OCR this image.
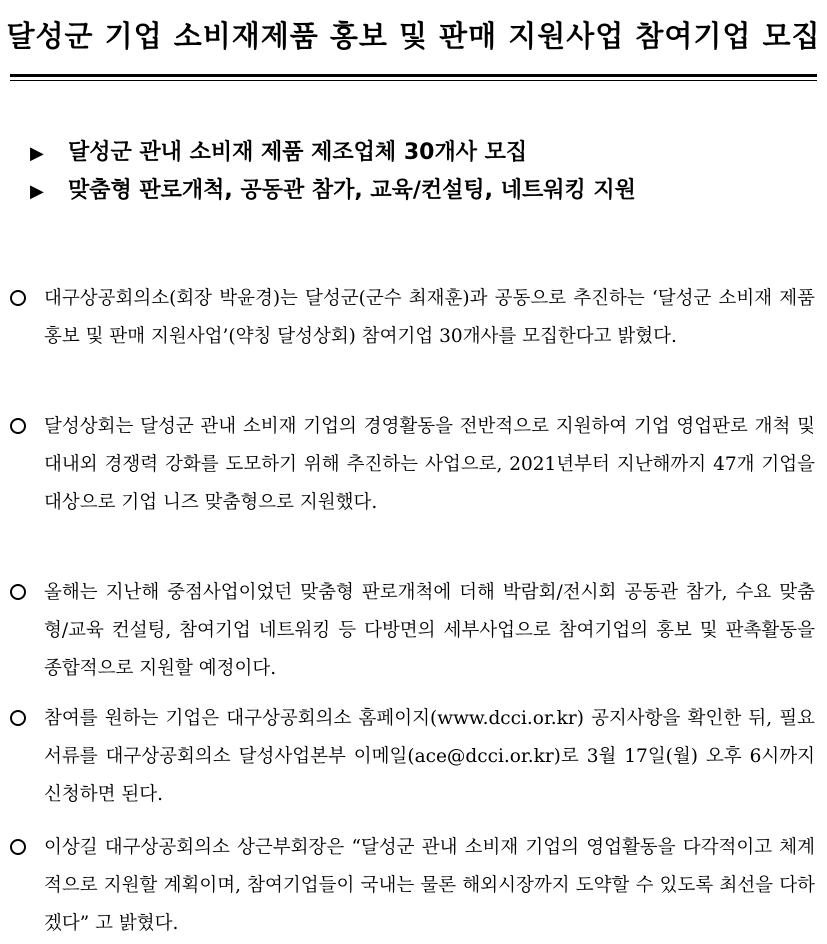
달성군 기업 소비재제품 홍보 및 판매 지원사업 참여기업 모집
▶ 달성군 관내 소비재 제품 제조업체 30개사 모집
▶ 맞춤형 판로개척, 공동관 참가, 교육/컨설팅, 네트워킹 지원
대구상공회의소(회장 박윤경)는 달성군(군수 최재훈)과 공동으로 추진하는 ‘달성군 소비재 제품 홍보 및 판매 지원사업’(약칭 달성상회) 참여기업 30개사를 모집한다고 밝혔다.
달성상회는 달성군 관내 소비재 기업의 경영활동을 전반적으로 지원하여 기업 영업판로 개척 및 대내외 경쟁력 강화를 도모하기 위해 추진하는 사업으로, 2021년부터 지난해까지 47개 기업을 대상으로 기업 니즈 맞춤형으로 지원했다.
올해는 지난해 중점사업이었던 맞춤형 판로개척에 더해 박람회/전시회 공동관 참가, 수요 맞춤형/교육 컨설팅, 참여기업 네트워킹 등 다방면의 세부사업으로 참여기업의 홍보 및 판촉활동을 종합적으로 지원할 예정이다.
참여를 원하는 기업은 대구상공회의소 홈페이지(www.dcci.or.kr) 공지사항을 확인한 뒤, 필요서류를 대구상공회의소 달성사업본부 이메일(ace@dcci.or.kr)로 3월 17일(월) 오후 6시까지 신청하면 된다.
이상길 대구상공회의소 상근부회장은 “달성군 관내 소비재 기업의 영업활동을 다각적이고 체계적으로 지원할 계획이며, 참여기업들이 국내는 물론 해외시장까지 도약할 수 있도록 최선을 다하겠다” 고 밝혔다.
